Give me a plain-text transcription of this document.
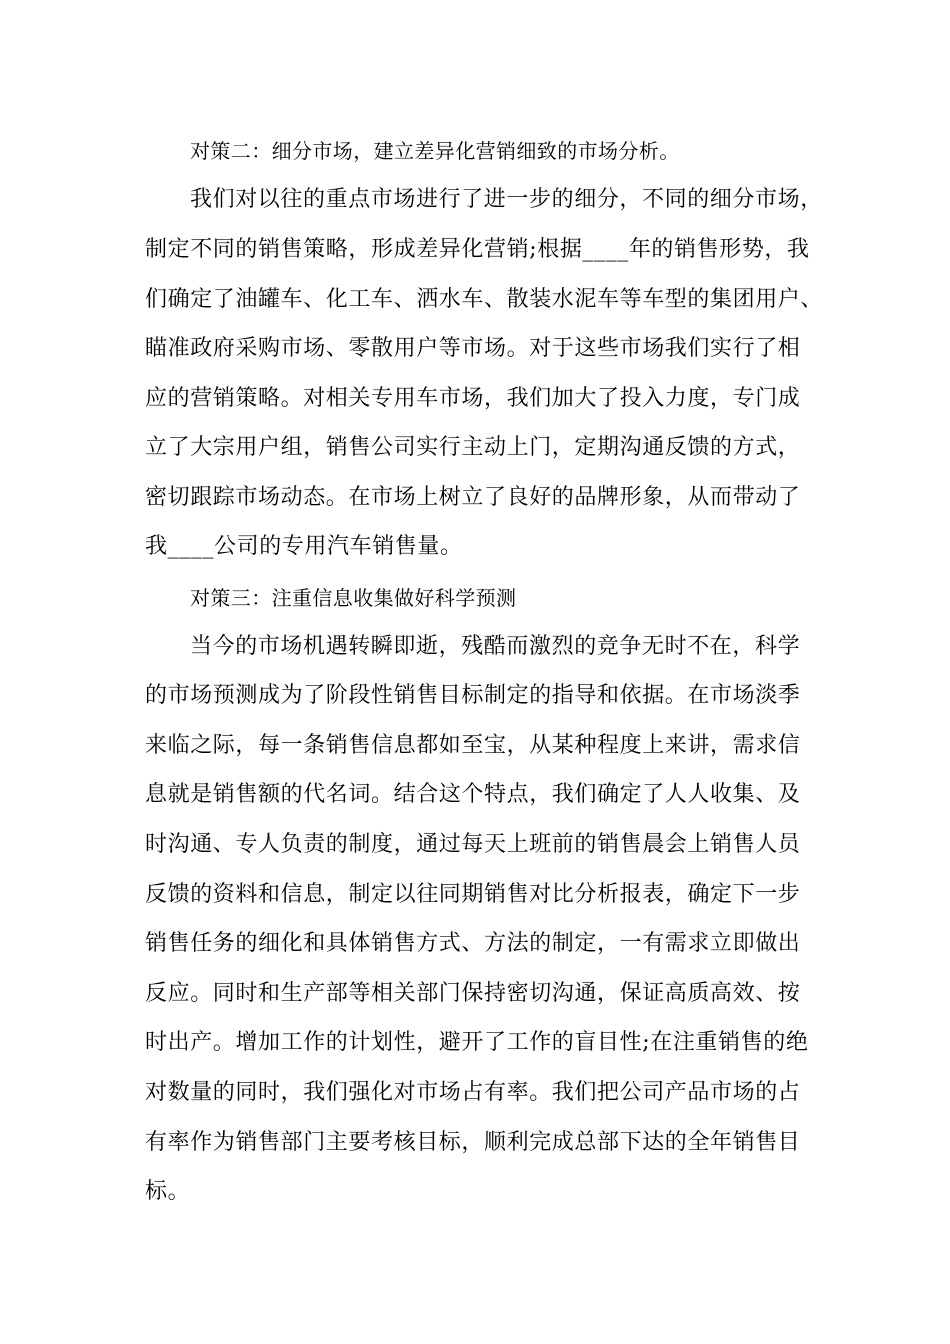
对策二：细分市场，建立差异化营销细致的市场分析。
我们对以往的重点市场进行了进一步的细分，不同的细分市场，
制定不同的销售策略，形成差异化营销;根据____年的销售形势，我
们确定了油罐车、化工车、洒水车、散装水泥车等车型的集团用户、
瞄准政府采购市场、零散用户等市场。对于这些市场我们实行了相
应的营销策略。对相关专用车市场，我们加大了投入力度，专门成
立了大宗用户组，销售公司实行主动上门，定期沟通反馈的方式，
密切跟踪市场动态。在市场上树立了良好的品牌形象，从而带动了
我____公司的专用汽车销售量。
对策三：注重信息收集做好科学预测
当今的市场机遇转瞬即逝，残酷而激烈的竞争无时不在，科学
的市场预测成为了阶段性销售目标制定的指导和依据。在市场淡季
来临之际，每一条销售信息都如至宝，从某种程度上来讲，需求信
息就是销售额的代名词。结合这个特点，我们确定了人人收集、及
时沟通、专人负责的制度，通过每天上班前的销售晨会上销售人员
反馈的资料和信息，制定以往同期销售对比分析报表，确定下一步
销售任务的细化和具体销售方式、方法的制定，一有需求立即做出
反应。同时和生产部等相关部门保持密切沟通，保证高质高效、按
时出产。增加工作的计划性，避开了工作的盲目性;在注重销售的绝
对数量的同时，我们强化对市场占有率。我们把公司产品市场的占
有率作为销售部门主要考核目标，顺利完成总部下达的全年销售目
标。
